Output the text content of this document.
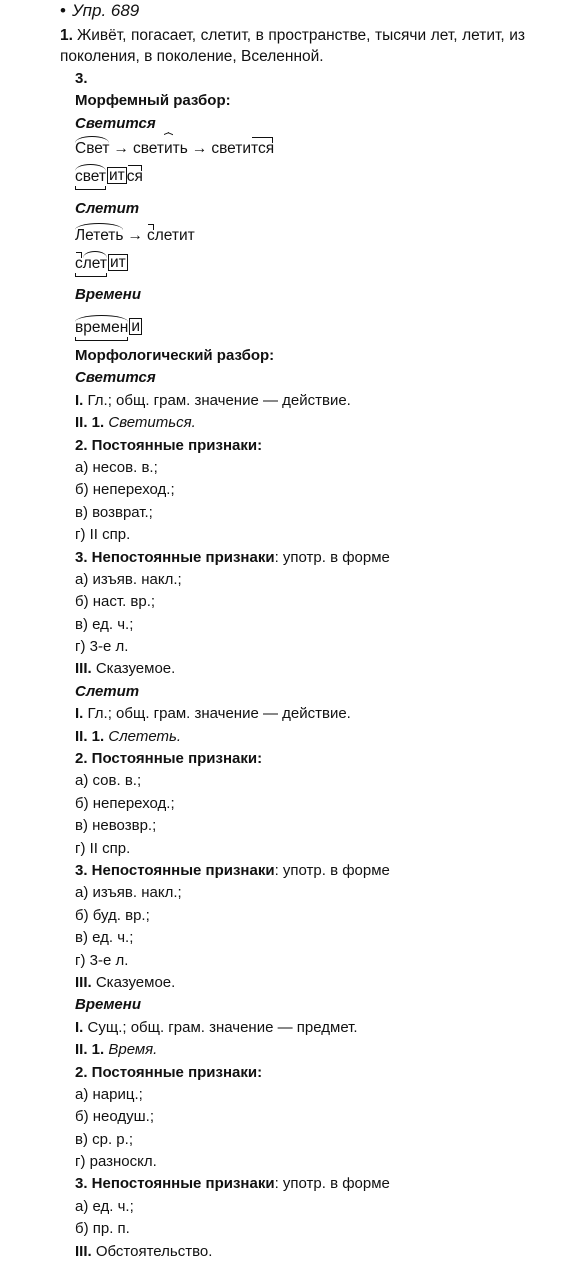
• Упр. 689
1. Живёт, погасает, слетит, в пространстве, тысячи лет, летит, из поколения, в поколение, Вселенной.
3.
Морфемный разбор:
Светится
Свет → свет
ить → свети
тся
свет ит ся
Слетит
Лететь → слетит
с
лет ит
Времени
времен и
Морфологический разбор:
Светится
I. Гл.; общ. грам. значение — действие.
II. 1. Светиться.
2. Постоянные признаки:
а) несов. в.;
б) непереход.;
в) возврат.;
г) II спр.
3. Непостоянные признаки: употр. в форме
а) изъяв. накл.;
б) наст. вр.;
в) ед. ч.;
г) 3-е л.
III. Сказуемое.
Слетит
I. Гл.; общ. грам. значение — действие.
II. 1. Слететь.
2. Постоянные признаки:
а) сов. в.;
б) непереход.;
в) невозвр.;
г) II спр.
3. Непостоянные признаки: употр. в форме
а) изъяв. накл.;
б) буд. вр.;
в) ед. ч.;
г) 3-е л.
III. Сказуемое.
Времени
I. Сущ.; общ. грам. значение — предмет.
II. 1. Время.
2. Постоянные признаки:
а) нариц.;
б) неодуш.;
в) ср. р.;
г) разноскл.
3. Непостоянные признаки: употр. в форме
а) ед. ч.;
б) пр. п.
III. Обстоятельство.
